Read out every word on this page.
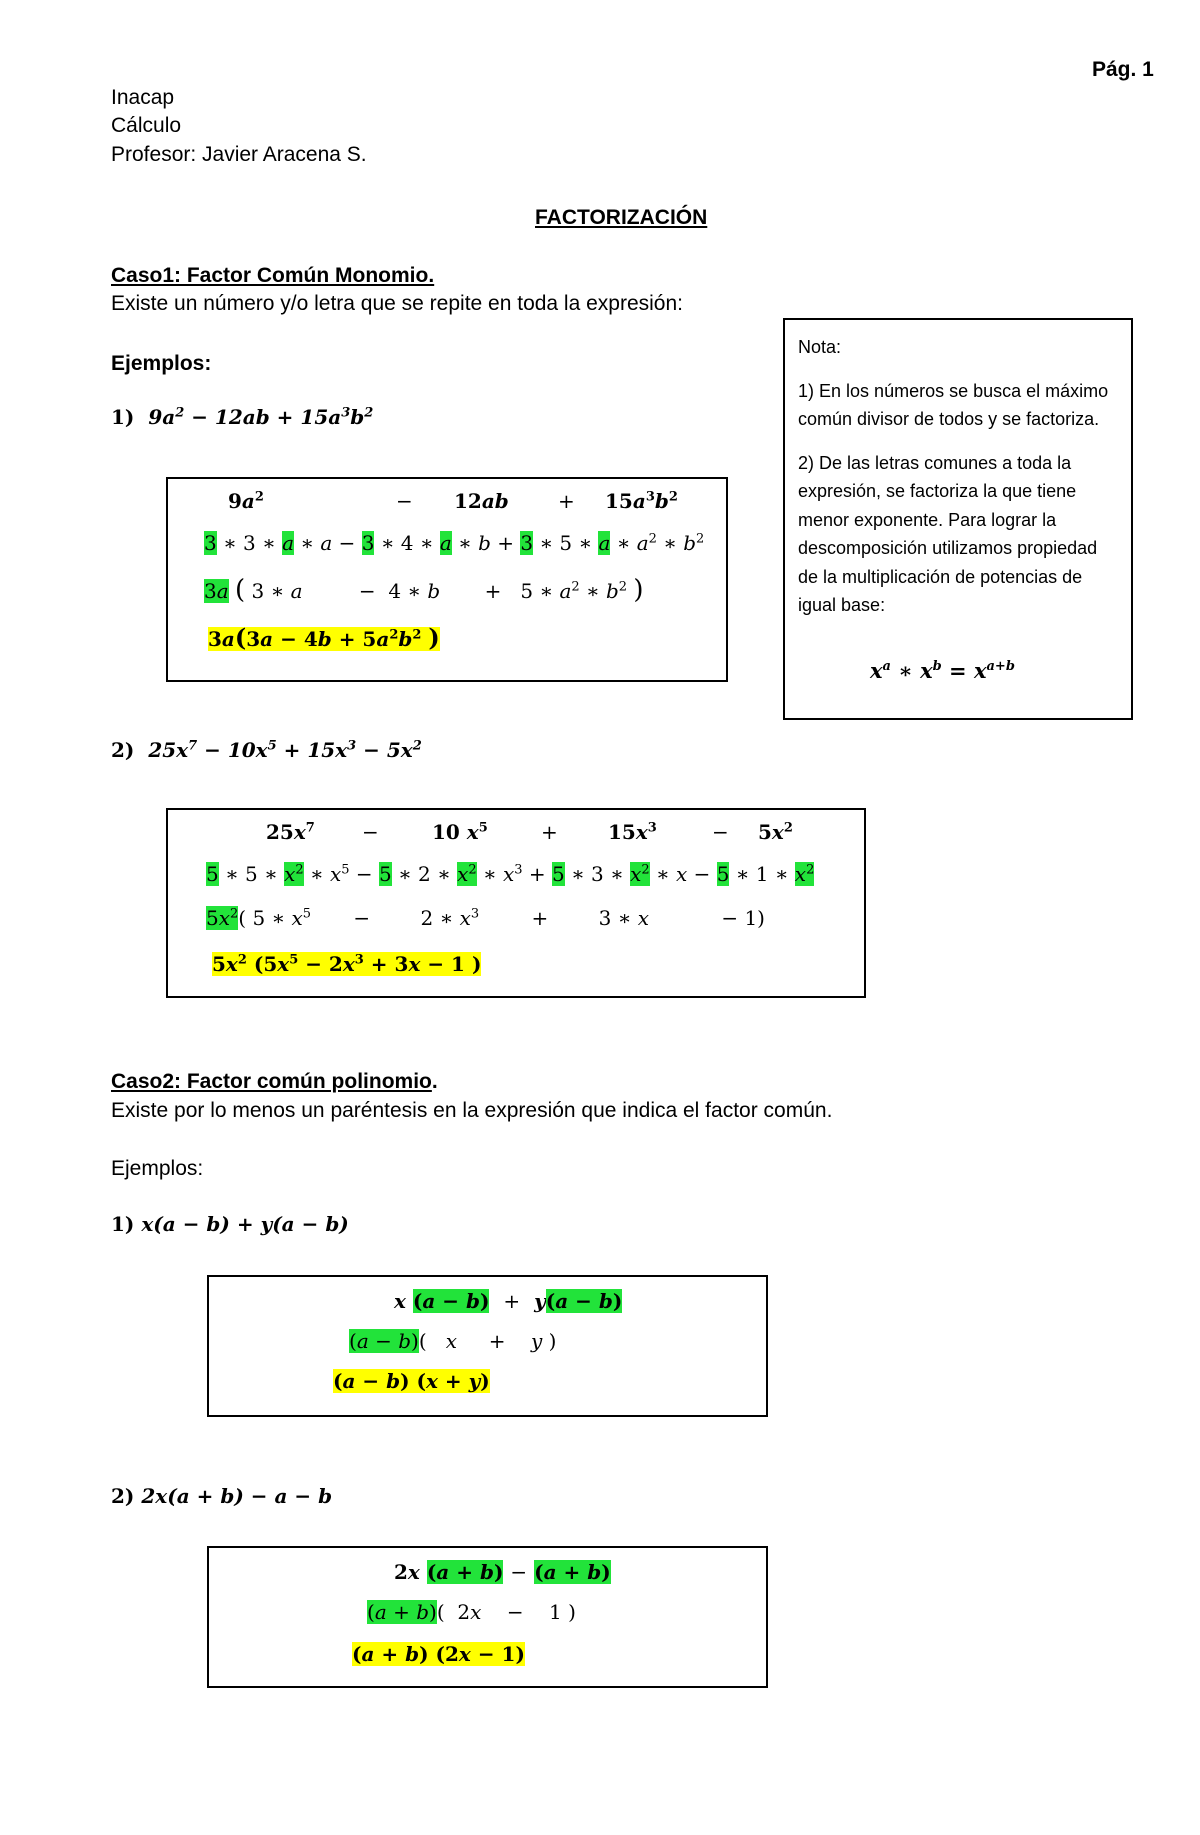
Pág. 1
Inacap
Cálculo
Profesor: Javier Aracena S.
FACTORIZACIÓN
Caso1: Factor Común Monomio.
Existe un número y/o letra que se repite en toda la expresión:
Ejemplos:
1)  $9a^2 - 12ab + 15a^3b^2$
$9a^2$	− $12ab + 15a^3b^2$
3 ∗ 3 ∗ a ∗ a − 3 ∗ 4 ∗ a ∗ b + 3 ∗ 5 ∗ a ∗ $a^2$ ∗ $b^2$
3a ( 3 ∗ a	−  4 ∗ b +   5 ∗ $a^2$ ∗ $b^2$ )
$3a(3a - 4b + 5a^2b^2$ )

Nota:

1) En los números se busca el máximo común divisor de todos y se factoriza.

2) De las letras comunes a toda la expresión, se factoriza la que tiene menor exponente. Para lograr la descomposición utilizamos propiedad de la multiplicación de potencias de igual base:

$x^a$ ∗ $x^b = x^{a+b}$
2)  $25x^7 - 10x^5 + 15x^3 - 5x^2$
$25x^7$ −	10 $x^5$	+	$15x^3$	− $5x^2$
5 ∗ 5 ∗ $x^2$ ∗ $x^5 - 5$ ∗ 2 ∗ $x^2$ ∗ $x^3 + 5$ ∗ 3 ∗ $x^2$ ∗ x − 5 ∗ 1 ∗ $x^2$
$5x^2$( 5 ∗ $x^5 - 2$ ∗ $x^3$	+ 3 ∗ x	− 1)
$5x^2$ ($5x^5 - 2x^3 + 3x - 1$ )
Caso2: Factor común polinomio.
Existe por lo menos un paréntesis en la expresión que indica el factor común.
Ejemplos:
1) x(a − b) + y(a − b)
x (a − b) + y(a − b)
(a − b)(   x     +    y )
(a − b) (x + y)
2) 2x(a + b) − a − b
2x (a + b) − (a + b)
(a + b)(  2x    −    1 )
(a + b) (2x − 1)
